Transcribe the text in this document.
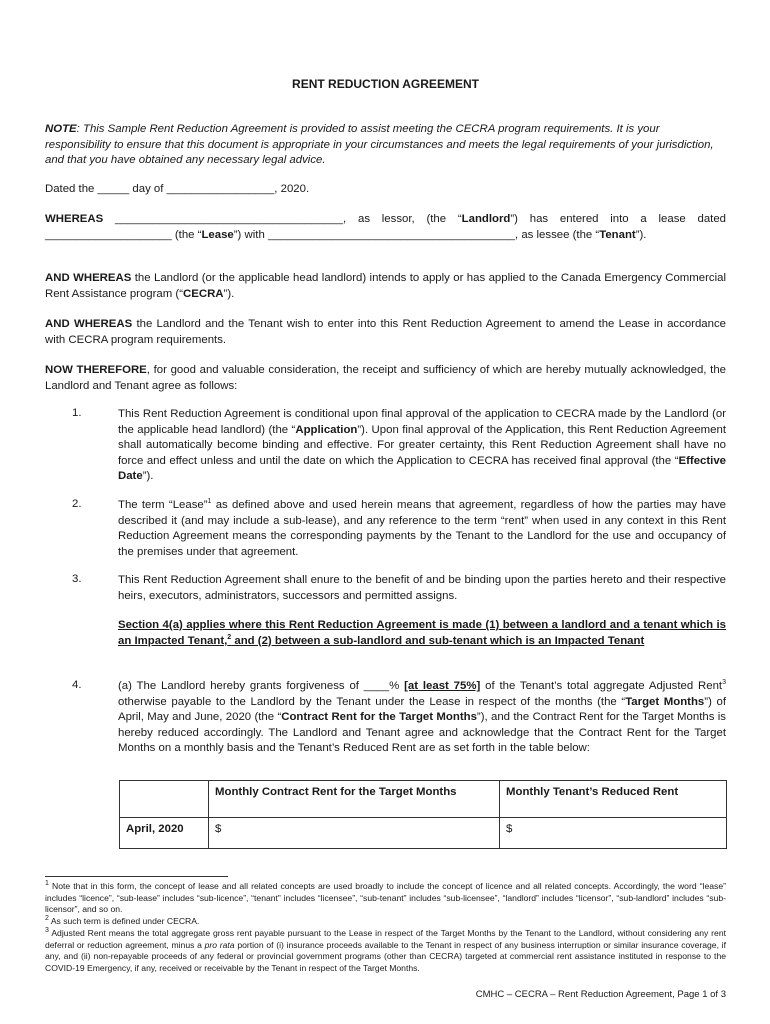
RENT REDUCTION AGREEMENT
NOTE: This Sample Rent Reduction Agreement is provided to assist meeting the CECRA program requirements. It is your responsibility to ensure that this document is appropriate in your circumstances and meets the legal requirements of your jurisdiction, and that you have obtained any necessary legal advice.
Dated the _____ day of _________________, 2020.
WHEREAS ____________________________________, as lessor, (the “Landlord”) has entered into a lease dated ____________________ (the “Lease”) with _______________________________________, as lessee (the “Tenant”).
AND WHEREAS the Landlord (or the applicable head landlord) intends to apply or has applied to the Canada Emergency Commercial Rent Assistance program (“CECRA”).
AND WHEREAS the Landlord and the Tenant wish to enter into this Rent Reduction Agreement to amend the Lease in accordance with CECRA program requirements.
NOW THEREFORE, for good and valuable consideration, the receipt and sufficiency of which are hereby mutually acknowledged, the Landlord and Tenant agree as follows:
1.	This Rent Reduction Agreement is conditional upon final approval of the application to CECRA made by the Landlord (or the applicable head landlord) (the “Application”). Upon final approval of the Application, this Rent Reduction Agreement shall automatically become binding and effective. For greater certainty, this Rent Reduction Agreement shall have no force and effect unless and until the date on which the Application to CECRA has received final approval (the “Effective Date”).
2.	The term “Lease”$^1$ as defined above and used herein means that agreement, regardless of how the parties may have described it (and may include a sub-lease), and any reference to the term “rent” when used in any context in this Rent Reduction Agreement means the corresponding payments by the Tenant to the Landlord for the use and occupancy of the premises under that agreement.
3.	This Rent Reduction Agreement shall enure to the benefit of and be binding upon the parties hereto and their respective heirs, executors, administrators, successors and permitted assigns.
Section 4(a) applies where this Rent Reduction Agreement is made (1) between a landlord and a tenant which is an Impacted Tenant,$^2$ and (2) between a sub-landlord and sub-tenant which is an Impacted Tenant
4.	(a) The Landlord hereby grants forgiveness of ____% [at least 75%] of the Tenant’s total aggregate Adjusted Rent$^3$ otherwise payable to the Landlord by the Tenant under the Lease in respect of the months (the “Target Months”) of April, May and June, 2020 (the “Contract Rent for the Target Months”), and the Contract Rent for the Target Months is hereby reduced accordingly. The Landlord and Tenant agree and acknowledge that the Contract Rent for the Target Months on a monthly basis and the Tenant’s Reduced Rent are as set forth in the table below:
	Monthly Contract Rent for the Target Months	Monthly Tenant’s Reduced Rent
April, 2020	$	$
$^1$ Note that in this form, the concept of lease and all related concepts are used broadly to include the concept of licence and all related concepts. Accordingly, the word “lease” includes “licence”, “sub-lease” includes “sub-licence”, “tenant” includes “licensee”, “sub-tenant” includes “sub-licensee”, “landlord” includes “licensor”, “sub-landlord” includes “sub-licensor”, and so on.
$^2$ As such term is defined under CECRA.
$^3$ Adjusted Rent means the total aggregate gross rent payable pursuant to the Lease in respect of the Target Months by the Tenant to the Landlord, without considering any rent deferral or reduction agreement, minus a pro rata portion of (i) insurance proceeds available to the Tenant in respect of any business interruption or similar insurance coverage, if any, and (ii) non-repayable proceeds of any federal or provincial government programs (other than CECRA) targeted at commercial rent assistance instituted in response to the COVID-19 Emergency, if any, received or receivable by the Tenant in respect of the Target Months.
CMHC – CECRA – Rent Reduction Agreement, Page 1 of 3
